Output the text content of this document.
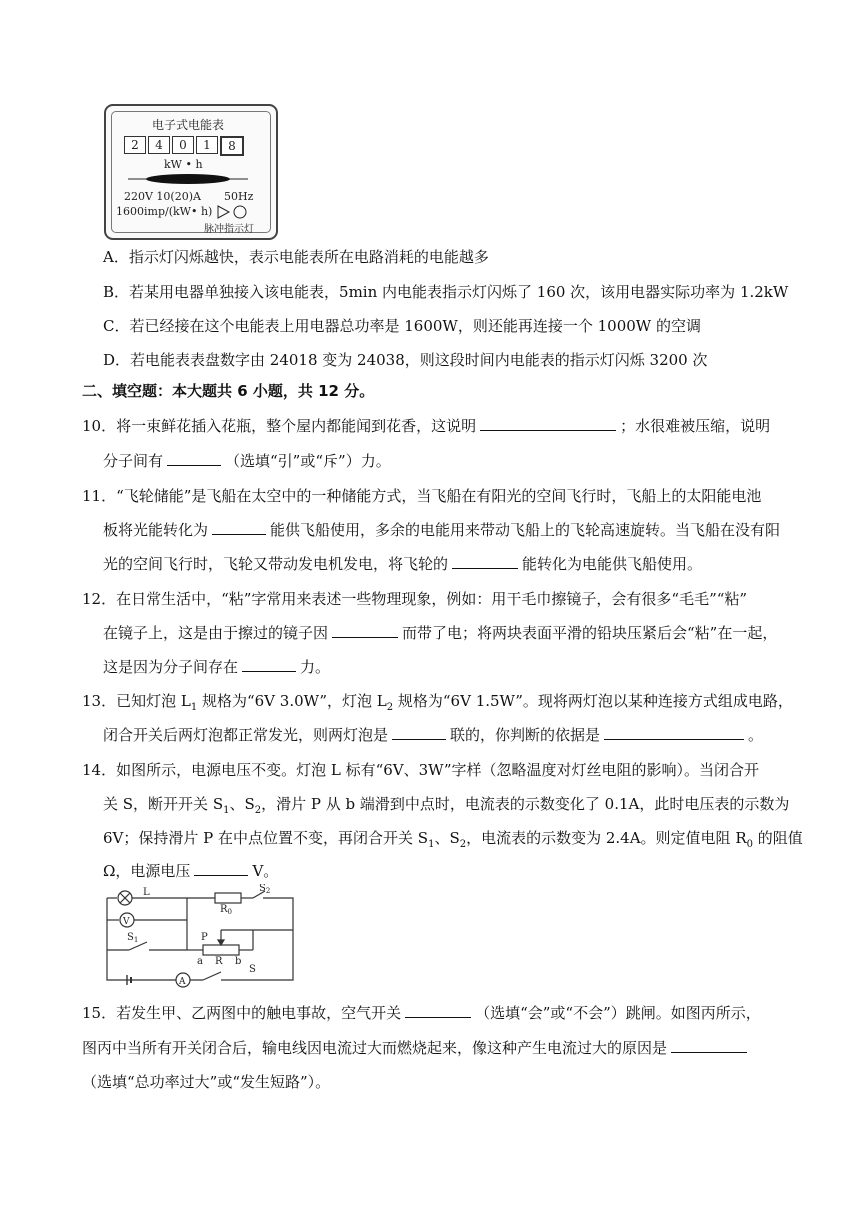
电子式电能表
2	4	0	1	8
kW • h
220V 10(20)A 50Hz
1600imp/(kW• h)
脉冲指示灯
A．指示灯闪烁越快，表示电能表所在电路消耗的电能越多
B．若某用电器单独接入该电能表，5min 内电能表指示灯闪烁了 160 次，该用电器实际功率为 1.2kW
C．若已经接在这个电能表上用电器总功率是 1600W，则还能再连接一个 1000W 的空调
D．若电能表表盘数字由 24018 变为 24038，则这段时间内电能表的指示灯闪烁 3200 次
二、填空题：本大题共 6 小题，共 12 分。
10．将一束鲜花插入花瓶，整个屋内都能闻到花香，这说明	；水很难被压缩，说明
分子间有	（选填“引”或“斥”）力。
11．“飞轮储能”是飞船在太空中的一种储能方式，当飞船在有阳光的空间飞行时，飞船上的太阳能电池
板将光能转化为	能供飞船使用，多余的电能用来带动飞船上的飞轮高速旋转。当飞船在没有阳
光的空间飞行时，飞轮又带动发电机发电，将飞轮的	能转化为电能供飞船使用。
12．在日常生活中，“粘”字常用来表述一些物理现象，例如：用干毛巾擦镜子，会有很多“毛毛”“粘”
在镜子上，这是由于擦过的镜子因	而带了电；将两块表面平滑的铅块压紧后会“粘”在一起，
这是因为分子间存在	力。
13．已知灯泡 $L_1$ 规格为“6V 3.0W”，灯泡 $L_2$ 规格为“6V 1.5W”。现将两灯泡以某种连接方式组成电路，
闭合开关后两灯泡都正常发光，则两灯泡是	联的，你判断的依据是	。
14．如图所示，电源电压不变。灯泡 L 标有“6V、3W”字样（忽略温度对灯丝电阻的影响）。当闭合开
关 S，断开开关 $S_1$、$S_2$，滑片 P 从 b 端滑到中点时，电流表的示数变化了 0.1A，此时电压表的示数为
6V；保持滑片 P 在中点位置不变，再闭合开关 $S_1$、$S_2$，电流表的示数变为 2.4A。则定值电阻 $R_0$ 的阻值
Ω，电源电压	V。
L
V
$R_0$
$S_2$
$S_1$	P
a R b
A
S
15．若发生甲、乙两图中的触电事故，空气开关	（选填“会”或“不会”）跳闸。如图丙所示，
图丙中当所有开关闭合后，输电线因电流过大而燃烧起来，像这种产生电流过大的原因是
（选填“总功率过大”或“发生短路”）。
